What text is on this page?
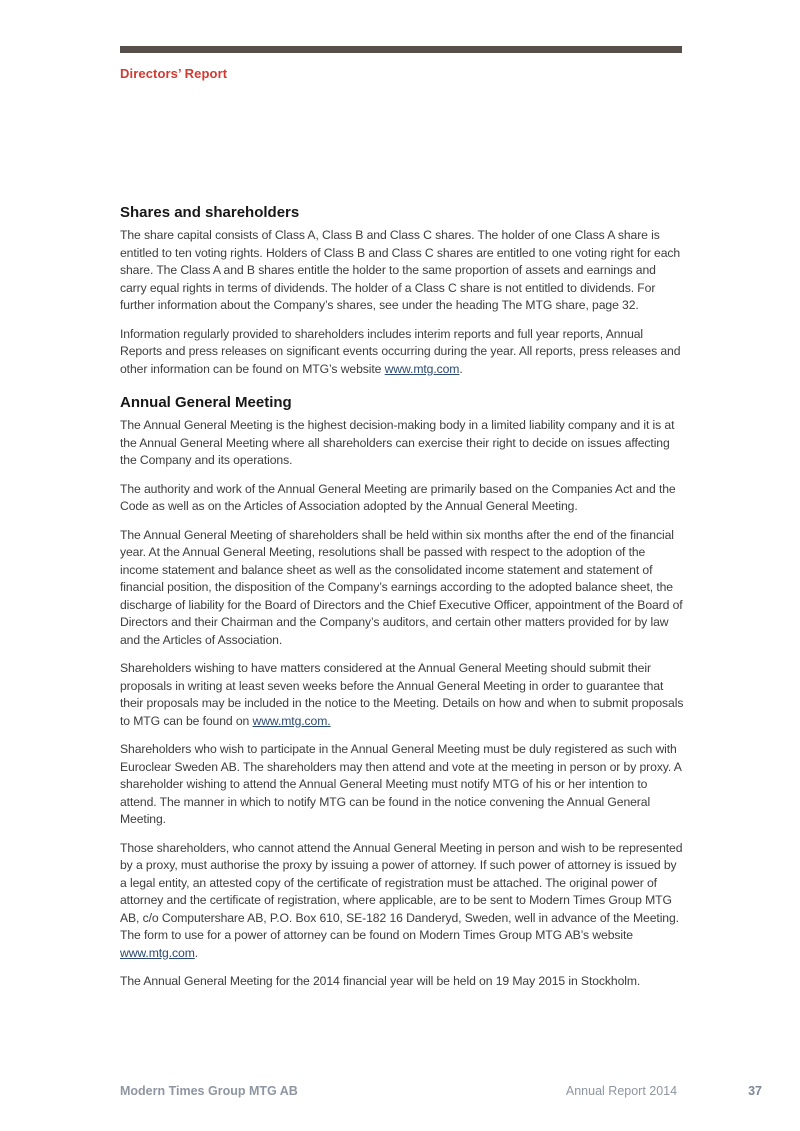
Directors’ Report
Shares and shareholders

The share capital consists of Class A, Class B and Class C shares. The holder of one Class A share is entitled to ten voting rights. Holders of Class B and Class C shares are entitled to one voting right for each share. The Class A and B shares entitle the holder to the same proportion of assets and earnings and carry equal rights in terms of dividends. The holder of a Class C share is not entitled to dividends. For further information about the Company’s shares, see under the heading The MTG share, page 32.

Information regularly provided to shareholders includes interim reports and full year reports, Annual Reports and press releases on significant events occurring during the year. All reports, press releases and other information can be found on MTG’s website www.mtg.com.

Annual General Meeting

The Annual General Meeting is the highest decision-making body in a limited liability company and it is at the Annual General Meeting where all shareholders can exercise their right to decide on issues affecting the Company and its operations.

The authority and work of the Annual General Meeting are primarily based on the Companies Act and the Code as well as on the Articles of Association adopted by the Annual General Meeting.

The Annual General Meeting of shareholders shall be held within six months after the end of the financial year. At the Annual General Meeting, resolutions shall be passed with respect to the adoption of the income statement and balance sheet as well as the consolidated income statement and statement of financial position, the disposition of the Company’s earnings according to the adopted balance sheet, the discharge of liability for the Board of Directors and the Chief Executive Officer, appointment of the Board of Directors and their Chairman and the Company’s auditors, and certain other matters provided for by law and the Articles of Association.

Shareholders wishing to have matters considered at the Annual General Meeting should submit their proposals in writing at least seven weeks before the Annual General Meeting in order to guarantee that their proposals may be included in the notice to the Meeting. Details on how and when to submit proposals to MTG can be found on www.mtg.com.

Shareholders who wish to participate in the Annual General Meeting must be duly registered as such with Euroclear Sweden AB. The shareholders may then attend and vote at the meeting in person or by proxy. A shareholder wishing to attend the Annual General Meeting must notify MTG of his or her intention to attend. The manner in which to notify MTG can be found in the notice convening the Annual General Meeting.

Those shareholders, who cannot attend the Annual General Meeting in person and wish to be represented by a proxy, must authorise the proxy by issuing a power of attorney. If such power of attorney is issued by a legal entity, an attested copy of the certificate of registration must be attached. The original power of attorney and the certificate of registration, where applicable, are to be sent to Modern Times Group MTG AB, c/o Computershare AB, P.O. Box 610, SE-182 16 Danderyd, Sweden, well in advance of the Meeting. The form to use for a power of attorney can be found on Modern Times Group MTG AB’s website www.mtg.com.

The Annual General Meeting for the 2014 financial year will be held on 19 May 2015 in Stockholm.

Modern Times Group MTG AB	Annual Report 2014	37
